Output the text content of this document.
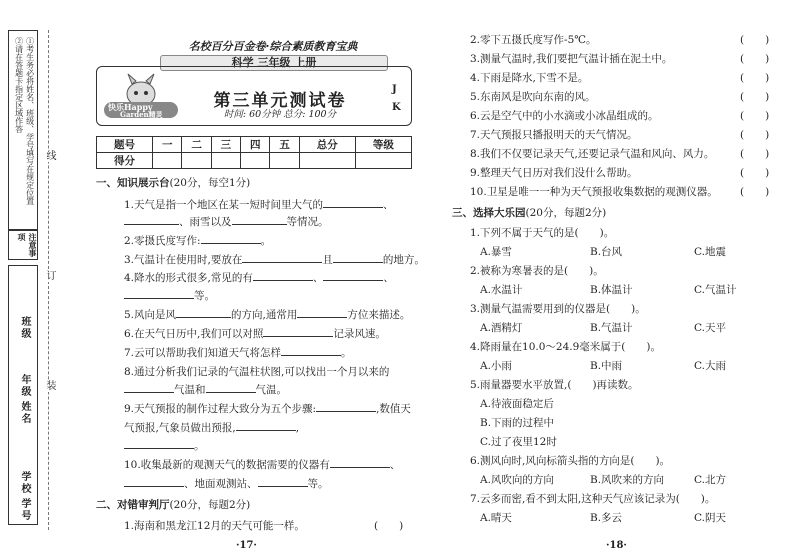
①考生务必将姓名、班级、学号填写在规定位置
②请在答题卡指定区域作答
注意事项
班级
年级
姓名
学校
学号
线
订
装
名校百分百金卷·综合素质教育宝典
科学 三年级 上册
快乐Happy
Garden精灵
第三单元测试卷
时间: 60分钟 总分: 100分
J
K
题号	一	二	三	四	五	总分	等级
得分							
一、知识展示台(20分，每空1分)
1.天气是指一个地区在某一短时间里大气的	、
、雨雪以及	等情况。
2.零摄氏度写作:	。
3.气温计在使用时,要放在	且	的地方。
4.降水的形式很多,常见的有	、	、
等。
5.风向是风	的方向,通常用	方位来描述。
6.在天气日历中,我们可以对照	记录风速。
7.云可以帮助我们知道天气将怎样	。
8.通过分析我们记录的气温柱状图,可以找出一个月以来的
气温和	气温。
9.天气预报的制作过程大致分为五个步骤:	,数值天
气预报,气象员做出预报,	,
。
10.收集最新的观测天气的数据需要的仪器有	、
、地面观测站、	等。
二、对错审判厅(20分，每题2分)
1.海南和黑龙江12月的天气可能一样。	(　　)
·17·
2.零下五摄氏度写作-5℃。	(　　)
3.测量气温时,我们要把气温计插在泥土中。	(　　)
4.下雨是降水,下雪不是。	(　　)
5.东南风是吹向东南的风。	(　　)
6.云是空气中的小水滴或小冰晶组成的。	(　　)
7.天气预报只播报明天的天气情况。	(　　)
8.我们不仅要记录天气,还要记录气温和风向、风力。 (　　)
9.整理天气日历对我们没什么帮助。	(　　)
10.卫星是唯一一种为天气预报收集数据的观测仪器。 (　　)
三、选择大乐园(20分，每题2分)
1.下列不属于天气的是(　　)。
A.暴雪	B.台风	C.地震
2.被称为寒暑表的是(　　)。
A.水温计	B.体温计	C.气温计
3.测量气温需要用到的仪器是(　　)。
A.酒精灯	B.气温计	C.天平
4.降雨量在10.0～24.9毫米属于(　　)。
A.小雨	B.中雨	C.大雨
5.雨量器要水平放置,(　　)再读数。
A.待液面稳定后
B.下雨的过程中
C.过了夜里12时
6.测风向时,风向标箭头指的方向是(　　)。
A.风吹向的方向	B.风吹来的方向	C.北方
7.云多而密,看不到太阳,这种天气应该记录为(　　)。
A.晴天	B.多云	C.阴天
·18·
